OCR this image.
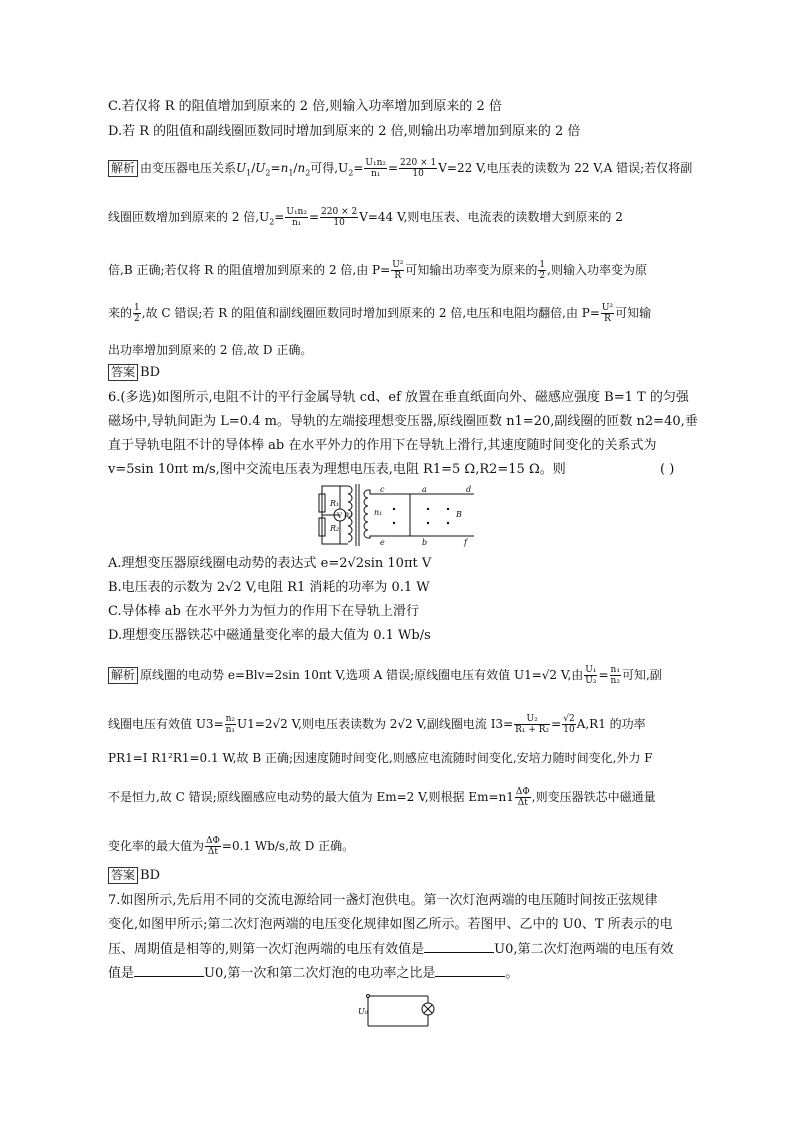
C.若仅将 R 的阻值增加到原来的 2 倍,则输入功率增加到原来的 2 倍
D.若 R 的阻值和副线圈匝数同时增加到原来的 2 倍,则输出功率增加到原来的 2 倍
解析 由变压器电压关系$U_1/U_2=n_1/n_2$可得$,U_2= \frac{\text{U₁n₂}}{\text{n₁}} = \frac{220 \times 1}{10} V=22$ V,电压表的读数为 22 V,A 错误;若仅将副
线圈匝数增加到原来的 2 倍$,U_2= \frac{\text{U₁n₂}}{\text{n₁}} = \frac{220 \times 2}{10} V=44$ V,则电压表、电流表的读数增大到原来的 2
倍,B 正确;若仅将 R 的阻值增加到原来的 2 倍,由 $P= \frac{\text{U²}}{R}$ 可知输出功率变为原来的 $\frac{1}{2}$ ,则输入功率变为原
来的 $\frac{1}{2}$ ,故 C 错误;若 R 的阻值和副线圈匝数同时增加到原来的 2 倍,电压和电阻均翻倍,由 $P= \frac{\text{U²}}{R}$ 可知输
出功率增加到原来的 2 倍,故 D 正确。
答案 BD
6.(多选)如图所示,电阻不计的平行金属导轨 cd、ef 放置在垂直纸面向外、磁感应强度 B=1 T 的匀强
磁场中,导轨间距为 L=0.4 m。导轨的左端接理想变压器,原线圈匝数 n1=20,副线圈的匝数 n2=40,垂
直于导轨电阻不计的导体棒 ab 在水平外力的作用下在导轨上滑行,其速度随时间变化的关系式为
v=5sin 10πt m/s,图中交流电压表为理想电压表,电阻 R1=5 Ω,R2=15 Ω。则	( )
R₁
R₂
V n₂	n₁
c	a	d
e	b	f
B
A.理想变压器原线圈电动势的表达式 e=2√2sin 10πt V
B.电压表的示数为 2√2 V,电阻 R1 消耗的功率为 0.1 W
C.导体棒 ab 在水平外力为恒力的作用下在导轨上滑行
D.理想变压器铁芯中磁通量变化率的最大值为 0.1 Wb/s
解析 原线圈的电动势 e=Blv=2sin 10πt V,选项 A 错误;原线圈电压有效值 U1=√2 V,由 $\frac{\text{U₁}}{\text{U₂}} = \frac{\text{n₁}}{\text{n₂}}$ 可知,副
线圈电压有效值 $U3= \frac{\text{n₂}}{\text{n₁}} U1=2√2$ V,则电压表读数为 2√2 V,副线圈电流 $I3= \frac{\text{U₂}}{\text{R₁ + R₂}} = \frac{√2}{10} A,R1$ 的功率
PR1=I R1²R1=0.1 W,故 B 正确;因速度随时间变化,则感应电流随时间变化,安培力随时间变化,外力 F
不是恒力,故 C 错误;原线圈感应电动势的最大值为 Em=2 V,则根据 $Em=n1 \frac{\Delta\Phi}{\Delta t}$ ,则变压器铁芯中磁通量
变化率的最大值为 $\frac{\Delta\Phi}{\Delta t} =0.1$ Wb/s,故 D 正确。
答案 BD
7.如图所示,先后用不同的交流电源给同一盏灯泡供电。第一次灯泡两端的电压随时间按正弦规律
变化,如图甲所示;第二次灯泡两端的电压变化规律如图乙所示。若图甲、乙中的 U0、T 所表示的电
压、周期值是相等的,则第一次灯泡两端的电压有效值是	U0,第二次灯泡两端的电压有效
值是	U0,第一次和第二次灯泡的电功率之比是	。
U₀
